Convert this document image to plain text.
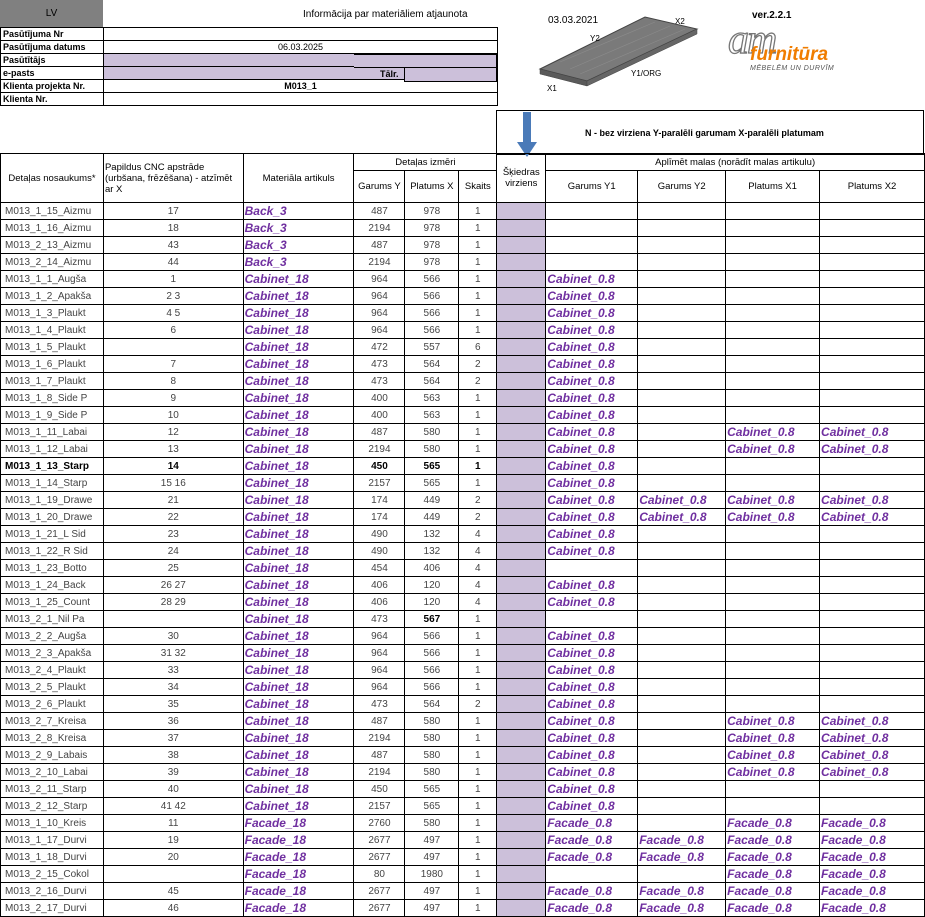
LV	Informācija par materiāliem atjaunota
Pasūtījuma Nr	
Pasūtījuma datums	06.03.2025
Pasūtītājs	
e-pasts	
Klienta projekta Nr.	M013_1
Klienta Nr.	
Tālr.
03.03.2021	ver.2.2.1
X2
Y2
Y1/ORG
X1
am
furnitūra
MĒBELĒM UN DURVĪM
N - bez virziena Y-paralēli garumam X-paralēli platumam
Detaļas nosaukums*	Papildus CNC apstrāde (urbšana, frēzēšana) - atzīmēt ar X	Materiāla artikuls	Detaļas izmēri			Šķiedras virziens	Aplīmēt malas (norādīt malas artikulu)			
			Garums Y	Platums X	Skaits		Garums Y1	Garums Y2	Platums X1	Platums X2
M013_1_15_Aizmu	17	Back_3	487	978	1					
M013_1_16_Aizmu	18	Back_3	2194	978	1					
M013_2_13_Aizmu	43	Back_3	487	978	1					
M013_2_14_Aizmu	44	Back_3	2194	978	1					
M013_1_1_Augša	1	Cabinet_18	964	566	1		Cabinet_0.8			
M013_1_2_Apakša	2 3	Cabinet_18	964	566	1		Cabinet_0.8			
M013_1_3_Plaukt	4 5	Cabinet_18	964	566	1		Cabinet_0.8			
M013_1_4_Plaukt	6	Cabinet_18	964	566	1		Cabinet_0.8			
M013_1_5_Plaukt		Cabinet_18	472	557	6		Cabinet_0.8			
M013_1_6_Plaukt	7	Cabinet_18	473	564	2		Cabinet_0.8			
M013_1_7_Plaukt	8	Cabinet_18	473	564	2		Cabinet_0.8			
M013_1_8_Side P	9	Cabinet_18	400	563	1		Cabinet_0.8			
M013_1_9_Side P	10	Cabinet_18	400	563	1		Cabinet_0.8			
M013_1_11_Labai	12	Cabinet_18	487	580	1		Cabinet_0.8		Cabinet_0.8	Cabinet_0.8
M013_1_12_Labai	13	Cabinet_18	2194	580	1		Cabinet_0.8		Cabinet_0.8	Cabinet_0.8
M013_1_13_Starp	14	Cabinet_18	450	565	1		Cabinet_0.8			
M013_1_14_Starp	15 16	Cabinet_18	2157	565	1		Cabinet_0.8			
M013_1_19_Drawe	21	Cabinet_18	174	449	2		Cabinet_0.8	Cabinet_0.8	Cabinet_0.8	Cabinet_0.8
M013_1_20_Drawe	22	Cabinet_18	174	449	2		Cabinet_0.8	Cabinet_0.8	Cabinet_0.8	Cabinet_0.8
M013_1_21_L Sid	23	Cabinet_18	490	132	4		Cabinet_0.8			
M013_1_22_R Sid	24	Cabinet_18	490	132	4		Cabinet_0.8			
M013_1_23_Botto	25	Cabinet_18	454	406	4					
M013_1_24_Back	26 27	Cabinet_18	406	120	4		Cabinet_0.8			
M013_1_25_Count	28 29	Cabinet_18	406	120	4		Cabinet_0.8			
M013_2_1_Nil Pa		Cabinet_18	473	567	1					
M013_2_2_Augša	30	Cabinet_18	964	566	1		Cabinet_0.8			
M013_2_3_Apakša	31 32	Cabinet_18	964	566	1		Cabinet_0.8			
M013_2_4_Plaukt	33	Cabinet_18	964	566	1		Cabinet_0.8			
M013_2_5_Plaukt	34	Cabinet_18	964	566	1		Cabinet_0.8			
M013_2_6_Plaukt	35	Cabinet_18	473	564	2		Cabinet_0.8			
M013_2_7_Kreisa	36	Cabinet_18	487	580	1		Cabinet_0.8		Cabinet_0.8	Cabinet_0.8
M013_2_8_Kreisa	37	Cabinet_18	2194	580	1		Cabinet_0.8		Cabinet_0.8	Cabinet_0.8
M013_2_9_Labais	38	Cabinet_18	487	580	1		Cabinet_0.8		Cabinet_0.8	Cabinet_0.8
M013_2_10_Labai	39	Cabinet_18	2194	580	1		Cabinet_0.8		Cabinet_0.8	Cabinet_0.8
M013_2_11_Starp	40	Cabinet_18	450	565	1		Cabinet_0.8			
M013_2_12_Starp	41 42	Cabinet_18	2157	565	1		Cabinet_0.8			
M013_1_10_Kreis	11	Facade_18	2760	580	1		Facade_0.8		Facade_0.8	Facade_0.8
M013_1_17_Durvi	19	Facade_18	2677	497	1		Facade_0.8	Facade_0.8	Facade_0.8	Facade_0.8
M013_1_18_Durvi	20	Facade_18	2677	497	1		Facade_0.8	Facade_0.8	Facade_0.8	Facade_0.8
M013_2_15_Cokol		Facade_18	80	1980	1				Facade_0.8	Facade_0.8
M013_2_16_Durvi	45	Facade_18	2677	497	1		Facade_0.8	Facade_0.8	Facade_0.8	Facade_0.8
M013_2_17_Durvi	46	Facade_18	2677	497	1		Facade_0.8	Facade_0.8	Facade_0.8	Facade_0.8
